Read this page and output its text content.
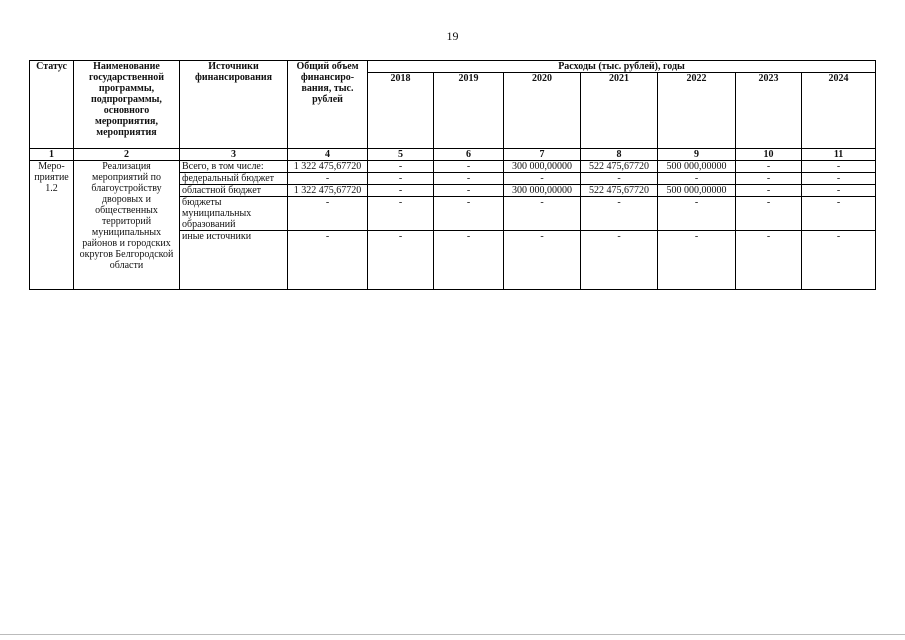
19
Статус	Наименование государственной программы, подпрограммы, основного мероприятия, мероприятия	Источники финансирования	Общий объем финансиро-вания, тыс. рублей	Расходы (тыс. рублей), годы						
				2018	2019	2020	2021	2022	2023	2024
1	2	3	4	5	6	7	8	9	10	11
Меро-приятие 1.2	Реализация мероприятий по благоустройству дворовых и общественных территорий муниципальных районов и городских округов Белгородской области	Всего, в том числе:	1 322 475,67720	-	-	300 000,00000	522 475,67720	500 000,00000	-	-
		федеральный бюджет	-	-	-	-	-	-	-	-
		областной бюджет	1 322 475,67720	-	-	300 000,00000	522 475,67720	500 000,00000	-	-
		бюджеты муниципальных образований	-	-	-	-	-	-	-	-
		иные источники	-	-	-	-	-	-	-	-
